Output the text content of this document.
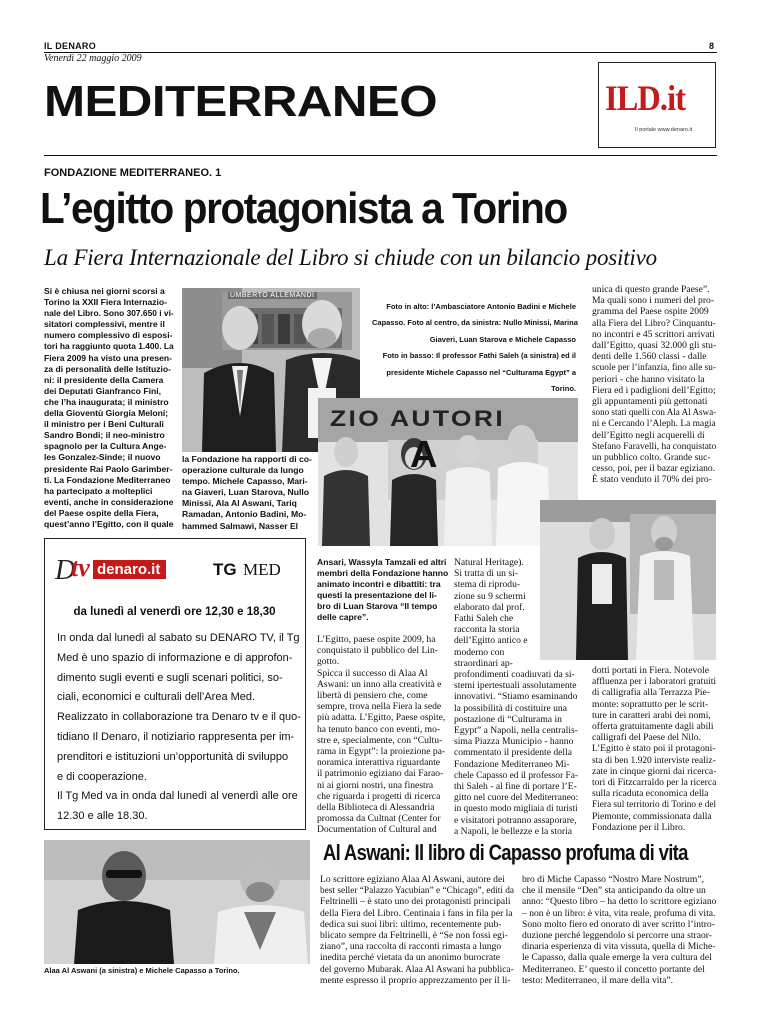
IL DENARO	8
Venerdì 22 maggio 2009
MEDITERRANEO	ILD.it
Il portale www.denaro.it
FONDAZIONE MEDITERRANEO. 1
L’egitto protagonista a Torino
La Fiera Internazionale del Libro si chiude con un bilancio positivo

Si è chiusa nei giorni scorsi a

Torino la XXII Fiera Internazio-

nale del Libro. Sono 307.650 i vi-

sitatori complessivi, mentre il

numero complessivo di esposi-

tori ha raggiunto quota 1.400. La

Fiera 2009 ha visto una presen-

za di personalità delle Istituzio-

ni: il presidente della Camera

dei Deputati Gianfranco Fini,

che l’ha inaugurata; il ministro

della Gioventù Giorgia Meloni;

il ministro per i Beni Culturali

Sandro Bondi; il neo-ministro

spagnolo per la Cultura Ange-

les Gonzalez-Sinde; il nuovo

presidente Rai Paolo Garimber-

ti. La Fondazione Mediterraneo

ha partecipato a molteplici

eventi, anche in considerazione

del Paese ospite della Fiera,

quest’anno l’Egitto, con il quale

UMBERTO ALLEMANDI

Foto in alto: l’Ambasciatore Antonio Badini e Michele

Capasso. Foto al centro, da sinistra: Nullo Minissi, Marina

Giaveri, Luan Starova e Michele Capasso

Foto in basso: Il professor Fathi Saleh (a sinistra) ed il

presidente Michele Capasso nel “Culturama Egypt” a

Torino.

ZIO AUTORI
A

la Fondazione ha rapporti di co-

operazione culturale da lungo

tempo. Michele Capasso, Mari-

na Giaveri, Luan Starova, Nullo

Minissi, Ala Al Aswani, Tariq

Ramadan, Antonio Badini, Mo-

hammed Salmawi, Nasser El

Ansari, Wassyla Tamzali ed altri

membri della Fondazione hanno

animato incontri e dibattiti: tra

questi la presentazione del li-

bro di Luan Starova “Il tempo

delle capre”.

unica di questo grande Paese”.

Ma quali sono i numeri del pro-

gramma del Paese ospite 2009

alla Fiera del Libro? Cinquantu-

no incontri e 45 scrittori arrivati

dall’Egitto, quasi 32.000 gli stu-

denti delle 1.560 classi - dalle

scuole per l’infanzia, fino alle su-

periori - che hanno visitato la

Fiera ed i padiglioni dell’Egitto;

gli appuntamenti più gettonati

sono stati quelli con Ala Al Aswa-

ni e Cercando l’Aleph. La magia

dell’Egitto negli acquerelli di

Stefano Faravelli, ha conquistato

un pubblico colto. Grande suc-

cesso, poi, per il bazar egiziano.

È stato venduto il 70% dei pro-

L’Egitto, paese ospite 2009, ha

conquistato il pubblico del Lin-

gotto.

Spicca il successo di Alaa Al

Aswani: un inno alla creatività e

libertà di pensiero che, come

sempre, trova nella Fiera la sede

più adatta. L’Egitto, Paese ospite,

ha tenuto banco con eventi, mo-

stre e, specialmente, con “Cultu-

rama in Egypt”: la proiezione pa-

noramica interattiva riguardante

il patrimonio egiziano dai Farao-

ni ai giorni nostri, una finestra

che riguarda i progetti di ricerca

della Biblioteca di Alessandria

promossa da Cultnat (Center for

Documentation of Cultural and

Natural Heritage).

Si tratta di un si-

stema di riprodu-

zione su 9 schermi

elaborato dal prof.

Fathi Saleh che

racconta la storia

dell’Egitto antico e

moderno con

straordinari ap-

profondimenti coadiuvati da si-

stemi ipertestuali assolutamente

innovativi. “Stiamo esaminando

la possibilità di costituire una

postazione di “Culturama in

Egypt” a Napoli, nella centralis-

sima Piazza Municipio - hanno

commentato il presidente della

Fondazione Mediterraneo Mi-

chele Capasso ed il professor Fa-

thi Saleh - al fine di portare l’E-

gitto nel cuore del Mediterraneo:

in questo modo migliaia di turisti

e visitatori potranno assaporare,

a Napoli, le bellezze e la storia

dotti portati in Fiera. Notevole

affluenza per i laboratori gratuiti

di calligrafia alla Terrazza Pie-

monte: soprattutto per le scrit-

ture in caratteri arabi dei nomi,

offerta gratuitamente dagli abili

calligrafi del Paese del Nilo.

L’Egitto è stato poi il protagoni-

sta di ben 1.920 interviste realiz-

zate in cinque giorni dai ricerca-

tori di Fitzcarraldo per la ricerca

sulla ricaduta economica della

Fiera sul territorio di Torino e del

Piemonte, commissionata dalla

Fondazione per il Libro.

D
tv denaro.it	TG MED
da lunedì al venerdì ore 12,30 e 18,30

In onda dal lunedì al sabato su DENARO TV, il Tg

Med è uno spazio di informazione e di approfon-

dimento sugli eventi e sugli scenari politici, so-

ciali, economici e culturali dell’Area Med.

Realizzato in collaborazione tra Denaro tv e il quo-

tidiano Il Denaro, il notiziario rappresenta per im-

prenditori e istituzioni un’opportunità di sviluppo

e di cooperazione.

Il Tg Med va in onda dal lunedì al venerdì alle ore

12.30 e alle 18.30.

Alaa Al Aswani (a sinistra) e Michele Capasso a Torino.
Al Aswani: Il libro di Capasso profuma di vita

Lo scrittore egiziano Alaa Al Aswani, autore dei

best seller “Palazzo Yacubian” e “Chicago”, editi da

Feltrinelli – è stato uno dei protagonisti principali

della Fiera del Libro. Centinaia i fans in fila per la

dedica sui suoi libri: ultimo, recentemente pub-

blicato sempre da Feltrinelli, è “Se non fossi egi-

ziano”, una raccolta di racconti rimasta a lungo

inedita perché vietata da un anonimo burocrate

del governo Mubarak. Alaa Al Aswani ha pubblica-

mente espresso il proprio apprezzamento per il li-

bro di Miche Capasso “Nostro Mare Nostrum”,

che il mensile “Den” sta anticipando da oltre un

anno: “Questo libro – ha detto lo scrittore egiziano

– non è un libro: è vita, vita reale, profuma di vita.

Sono molto fiero ed onorato di aver scritto l’intro-

duzione perché leggendolo si percorre una straor-

dinaria esperienza di vita vissuta, quella di Miche-

le Capasso, dalla quale emerge la vera cultura del

Mediterraneo. E’ questo il concetto portante del

testo: Mediterraneo, il mare della vita”.
